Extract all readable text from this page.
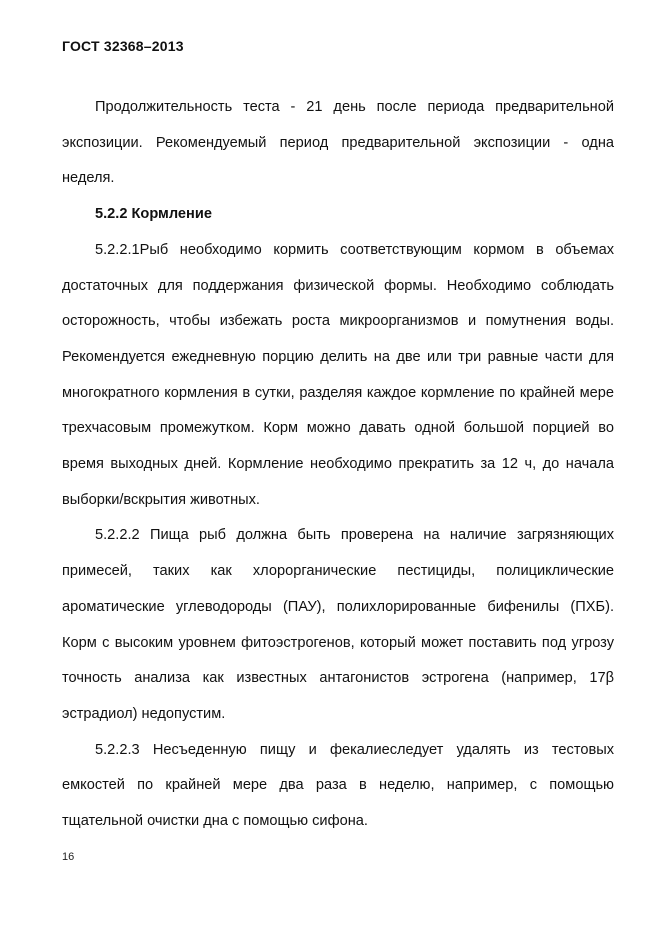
ГОСТ 32368–2013

Продолжительность теста - 21 день после периода предварительной экспозиции. Рекомендуемый период предварительной экспозиции - одна неделя.

5.2.2 Кормление

5.2.2.1Рыб необходимо кормить соответствующим кормом в объемах достаточных для поддержания физической формы. Необходимо соблюдать осторожность, чтобы избежать роста микроорганизмов и помутнения воды. Рекомендуется ежедневную порцию делить на две или три равные части для многократного кормления в сутки, разделяя каждое кормление по крайней мере трехчасовым промежутком. Корм можно давать одной большой порцией во время выходных дней. Кормление необходимо прекратить за 12 ч, до начала выборки/вскрытия животных.

5.2.2.2 Пища рыб должна быть проверена на наличие загрязняющих примесей, таких как хлорорганические пестициды, полициклические ароматические углеводороды (ПАУ), полихлорированные бифенилы (ПХБ). Корм с высоким уровнем фитоэстрогенов, который может поставить под угрозу точность анализа как известных антагонистов эстрогена (например, 17β эстрадиол) недопустим.

5.2.2.3 Несъеденную пищу и фекалиеследует удалять из тестовых емкостей по крайней мере два раза в неделю, например, с помощью тщательной очистки дна с помощью сифона.

16
